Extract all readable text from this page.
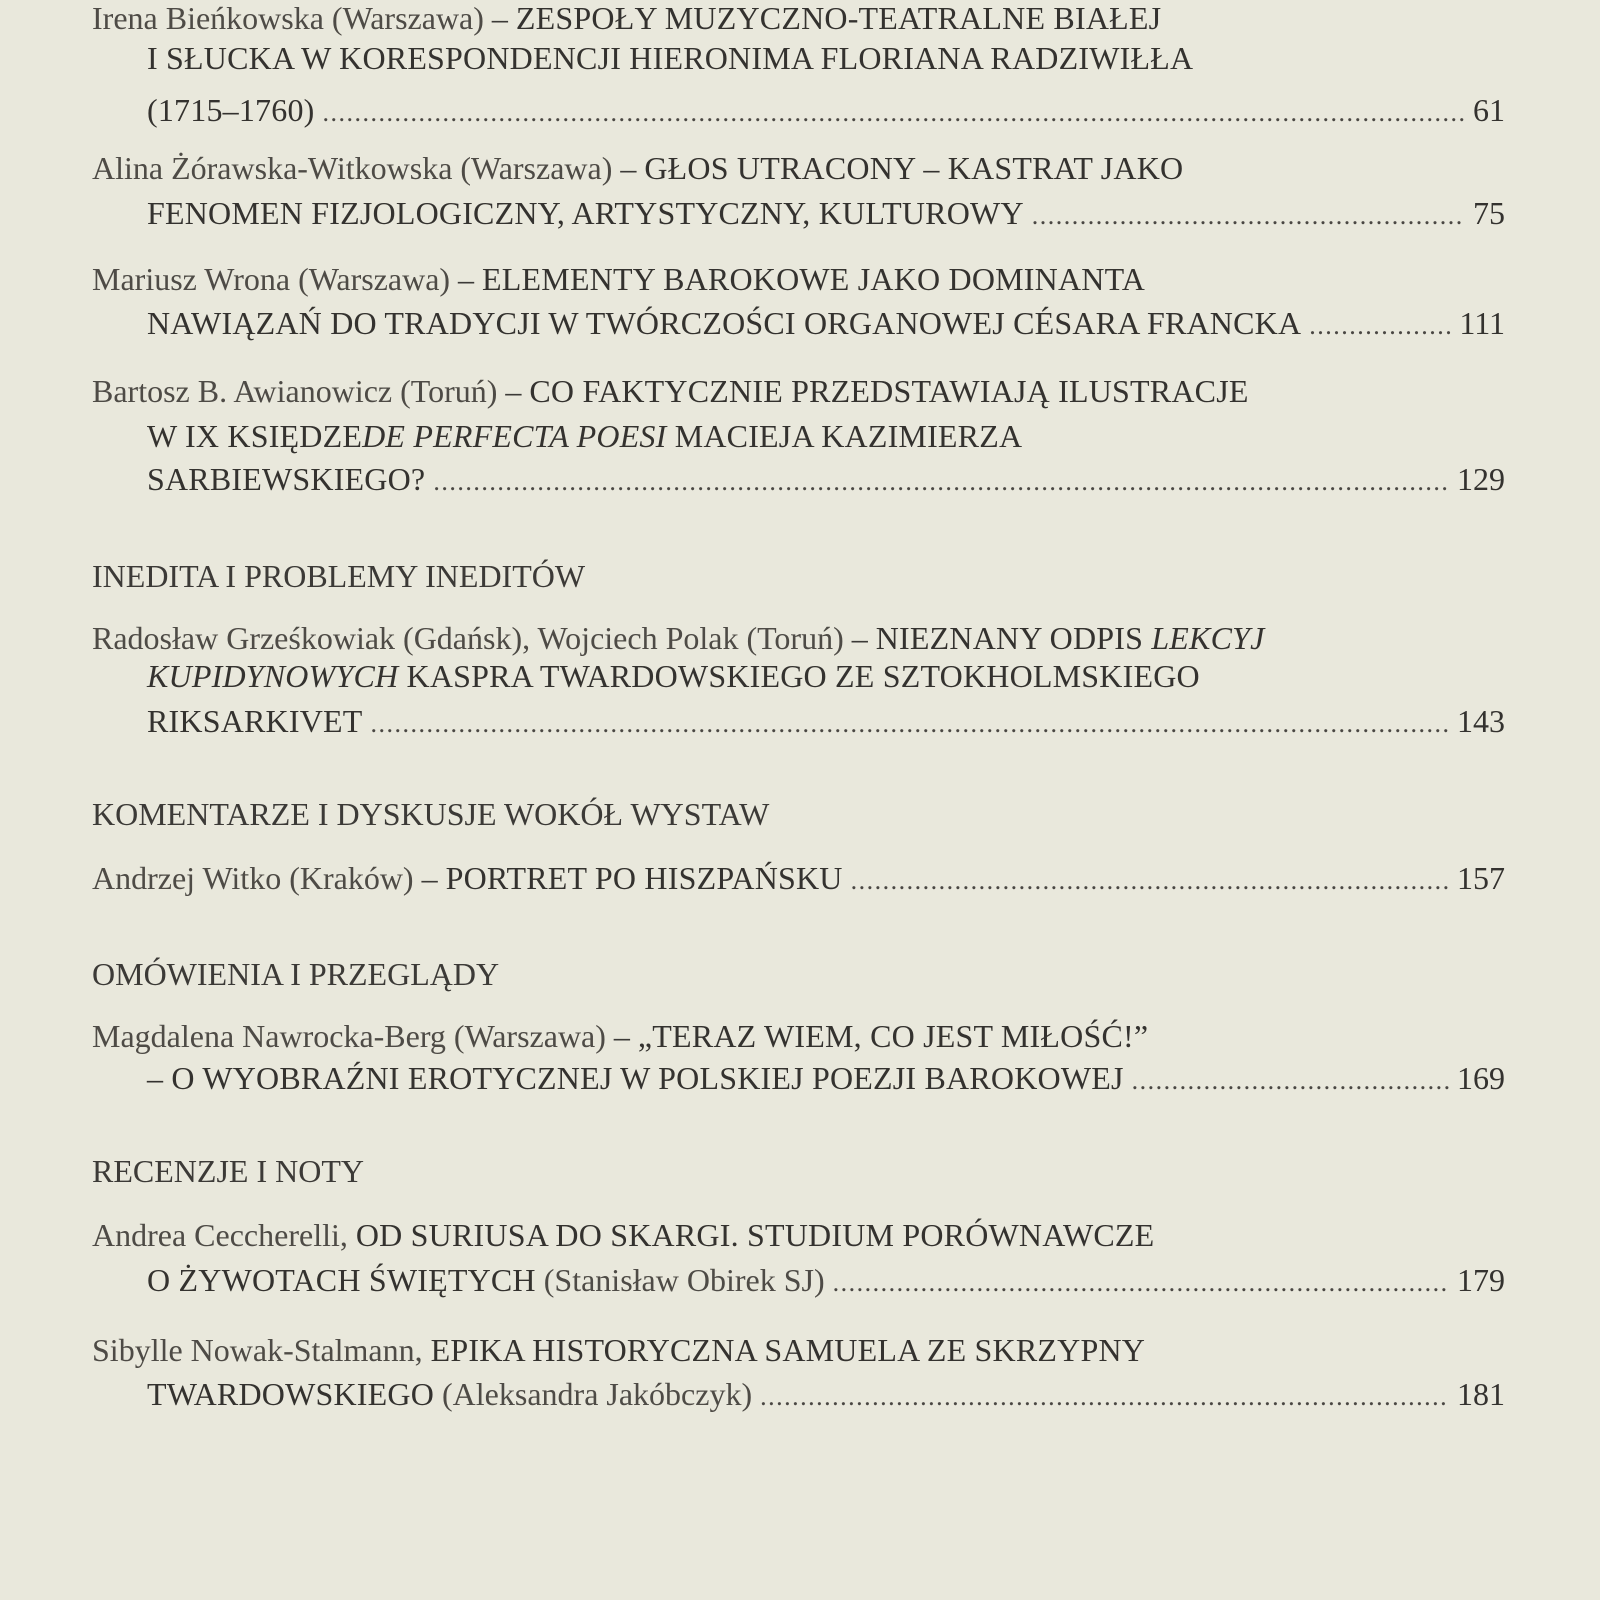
Irena Bieńkowska (Warszawa)
–
ZESPOŁY MUZYCZNO-TEATRALNE BIAŁEJ
I SŁUCKA W KORESPONDENCJI HIERONIMA FLORIANA RADZIWIŁŁA
(1715–1760) .....	61
Alina Żórawska-Witkowska (Warszawa)
–
GŁOS UTRACONY – KASTRAT JAKO
FENOMEN FIZJOLOGICZNY, ARTYSTYCZNY, KULTUROWY .....	75
Mariusz Wrona (Warszawa)
–
ELEMENTY BAROKOWE JAKO DOMINANTA
NAWIĄZAŃ DO TRADYCJI W TWÓRCZOŚCI ORGANOWEJ CÉSARA FRANCKA .....	111
Bartosz B. Awianowicz (Toruń)
–
CO FAKTYCZNIE PRZEDSTAWIAJĄ ILUSTRACJE
W IX KSIĘDZE DE PERFECTA POESI MACIEJA KAZIMIERZA
SARBIEWSKIEGO? .....	129
INEDITA I PROBLEMY INEDITÓW
Radosław Grześkowiak (Gdańsk), Wojciech Polak (Toruń)
–
NIEZNANY ODPIS LEKCYJ
KUPIDYNOWYCH KASPRA TWARDOWSKIEGO ZE SZTOKHOLMSKIEGO
RIKSARKIVET .....	143
KOMENTARZE I DYSKUSJE WOKÓŁ WYSTAW
Andrzej Witko (Kraków)
–
PORTRET PO HISZPAŃSKU .....	157
OMÓWIENIA I PRZEGLĄDY
Magdalena Nawrocka-Berg (Warszawa)
–
„TERAZ WIEM, CO JEST MIŁOŚĆ!”
– O WYOBRAŹNI EROTYCZNEJ W POLSKIEJ POEZJI BAROKOWEJ .....	169
RECENZJE I NOTY
Andrea Ceccherelli,
OD SURIUSA DO SKARGI. STUDIUM PORÓWNAWCZE
O ŻYWOTACH ŚWIĘTYCH
(Stanisław Obirek SJ) .....	179
Sibylle Nowak-Stalmann,
EPIKA HISTORYCZNA SAMUELA ZE SKRZYPNY
TWARDOWSKIEGO
(Aleksandra Jakóbczyk) .....	181
